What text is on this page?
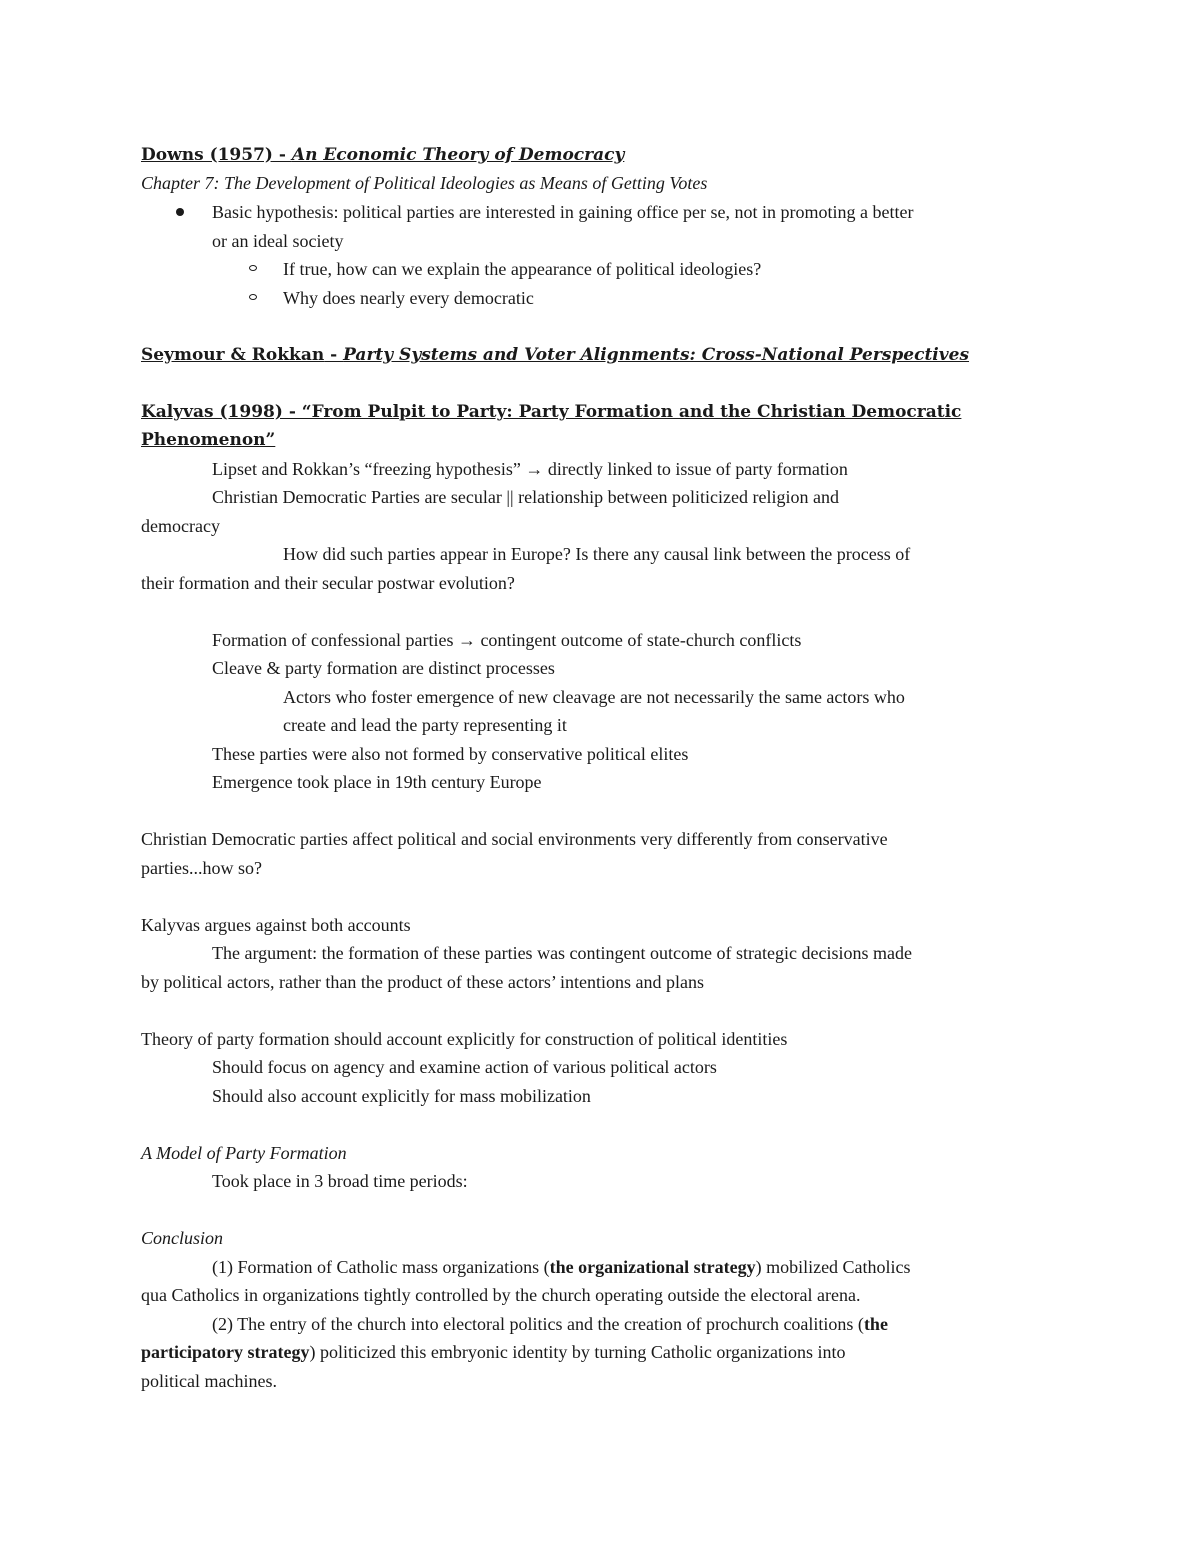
Downs (1957) - An Economic Theory of Democracy
Chapter 7: The Development of Political Ideologies as Means of Getting Votes
Basic hypothesis: political parties are interested in gaining office per se, not in promoting a better
or an ideal society
If true, how can we explain the appearance of political ideologies?
Why does nearly every democratic
Seymour & Rokkan - Party Systems and Voter Alignments: Cross-National Perspectives
Kalyvas (1998) - “From Pulpit to Party: Party Formation and the Christian Democratic
Phenomenon”
Lipset and Rokkan’s “freezing hypothesis” → directly linked to issue of party formation
Christian Democratic Parties are secular || relationship between politicized religion and
democracy
How did such parties appear in Europe? Is there any causal link between the process of
their formation and their secular postwar evolution?
Formation of confessional parties → contingent outcome of state-church conflicts
Cleave & party formation are distinct processes
Actors who foster emergence of new cleavage are not necessarily the same actors who
create and lead the party representing it
These parties were also not formed by conservative political elites
Emergence took place in 19th century Europe
Christian Democratic parties affect political and social environments very differently from conservative
parties...how so?
Kalyvas argues against both accounts
The argument: the formation of these parties was contingent outcome of strategic decisions made
by political actors, rather than the product of these actors’ intentions and plans
Theory of party formation should account explicitly for construction of political identities
Should focus on agency and examine action of various political actors
Should also account explicitly for mass mobilization
A Model of Party Formation
Took place in 3 broad time periods:
Conclusion
(1) Formation of Catholic mass organizations (the organizational strategy) mobilized Catholics
qua Catholics in organizations tightly controlled by the church operating outside the electoral arena.
(2) The entry of the church into electoral politics and the creation of prochurch coalitions (the
participatory strategy) politicized this embryonic identity by turning Catholic organizations into
political machines.
